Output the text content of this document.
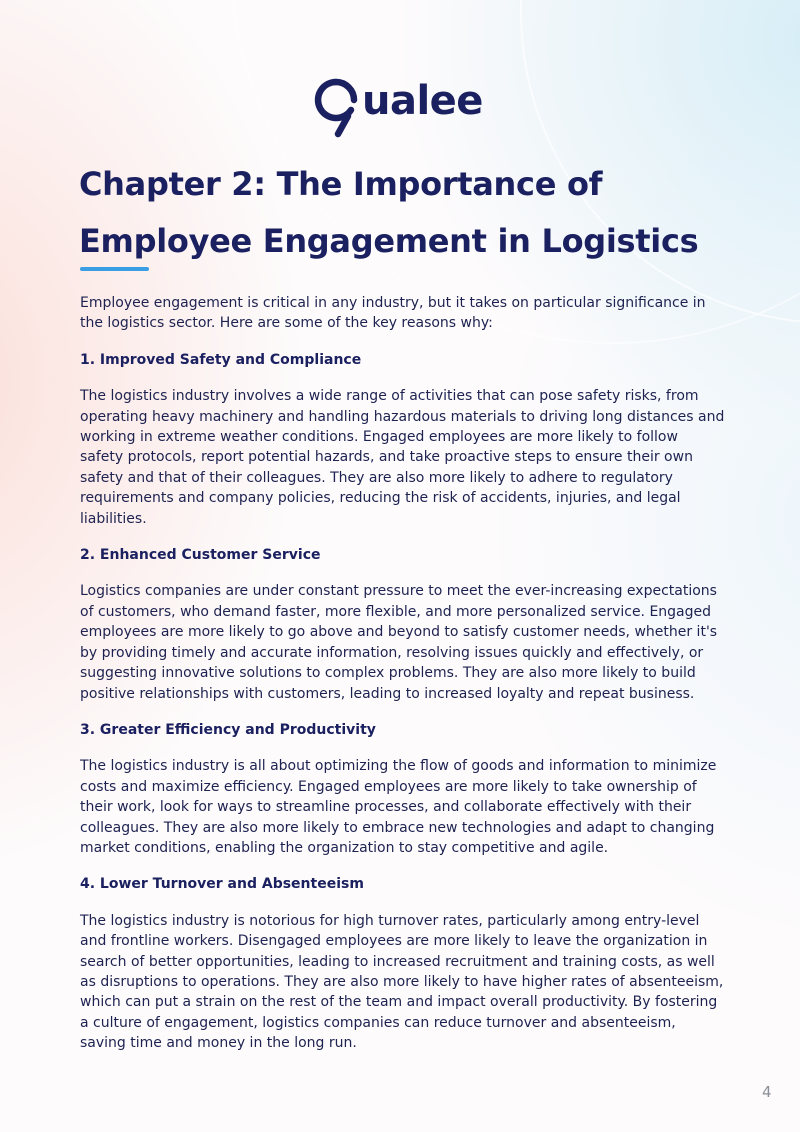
ualee
Chapter 2: The Importance of
Employee Engagement in Logistics

Employee engagement is critical in any industry, but it takes on particular significance in the logistics sector. Here are some of the key reasons why:

1. Improved Safety and Compliance

The logistics industry involves a wide range of activities that can pose safety risks, from operating heavy machinery and handling hazardous materials to driving long distances and working in extreme weather conditions. Engaged employees are more likely to follow safety protocols, report potential hazards, and take proactive steps to ensure their own safety and that of their colleagues. They are also more likely to adhere to regulatory requirements and company policies, reducing the risk of accidents, injuries, and legal liabilities.

2. Enhanced Customer Service

Logistics companies are under constant pressure to meet the ever-increasing expectations of customers, who demand faster, more flexible, and more personalized service. Engaged employees are more likely to go above and beyond to satisfy customer needs, whether it's by providing timely and accurate information, resolving issues quickly and effectively, or suggesting innovative solutions to complex problems. They are also more likely to build positive relationships with customers, leading to increased loyalty and repeat business.

3. Greater Efficiency and Productivity

The logistics industry is all about optimizing the flow of goods and information to minimize costs and maximize efficiency. Engaged employees are more likely to take ownership of their work, look for ways to streamline processes, and collaborate effectively with their colleagues. They are also more likely to embrace new technologies and adapt to changing market conditions, enabling the organization to stay competitive and agile.

4. Lower Turnover and Absenteeism

The logistics industry is notorious for high turnover rates, particularly among entry-level and frontline workers. Disengaged employees are more likely to leave the organization in search of better opportunities, leading to increased recruitment and training costs, as well as disruptions to operations. They are also more likely to have higher rates of absenteeism, which can put a strain on the rest of the team and impact overall productivity. By fostering a culture of engagement, logistics companies can reduce turnover and absenteeism, saving time and money in the long run.

4
